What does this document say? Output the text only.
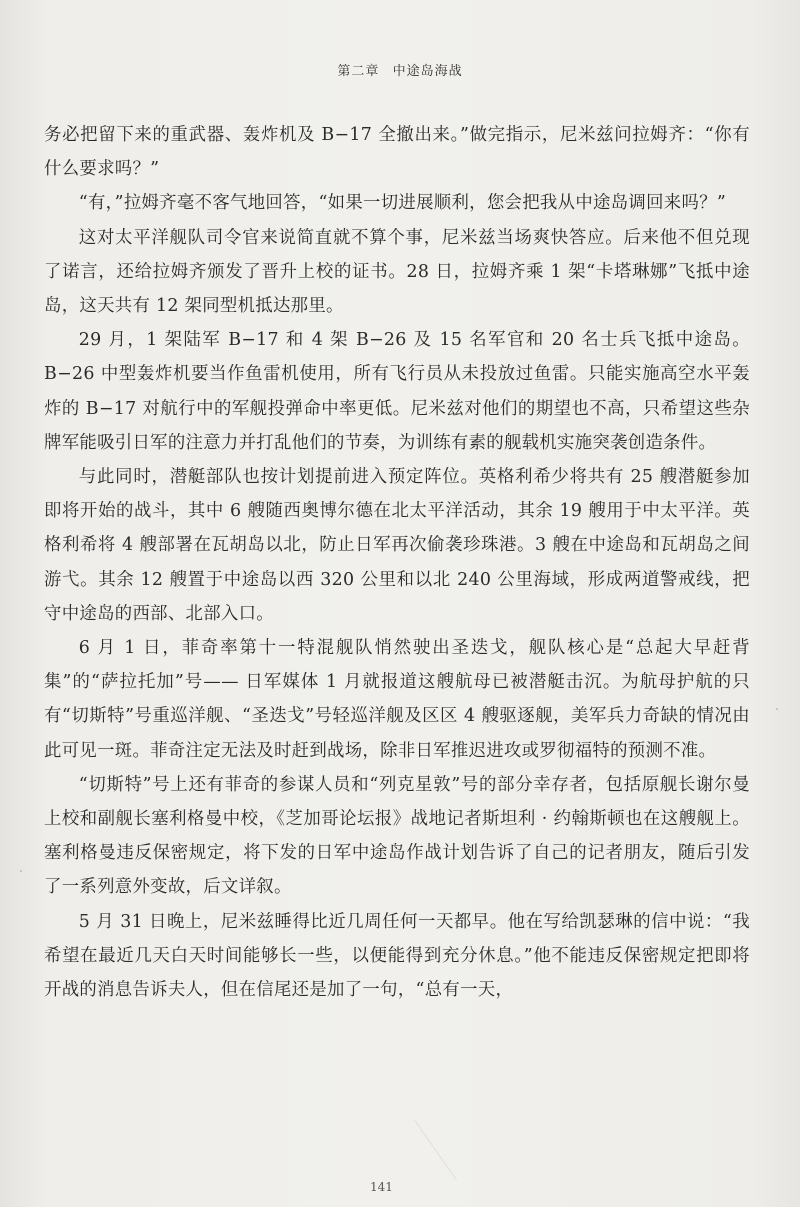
第二章 中途岛海战

务必把留下来的重武器、轰炸机及 B−17 全撤出来。”做完指示，尼米兹问拉姆齐：“你有什么要求吗？”

“有，”拉姆齐毫不客气地回答，“如果一切进展顺利，您会把我从中途岛调回来吗？”

这对太平洋舰队司令官来说简直就不算个事，尼米兹当场爽快答应。后来他不但兑现了诺言，还给拉姆齐颁发了晋升上校的证书。28 日，拉姆齐乘 1 架“卡塔琳娜”飞抵中途岛，这天共有 12 架同型机抵达那里。

29 月，1 架陆军 B−17 和 4 架 B−26 及 15 名军官和 20 名士兵飞抵中途岛。B−26 中型轰炸机要当作鱼雷机使用，所有飞行员从未投放过鱼雷。只能实施高空水平轰炸的 B−17 对航行中的军舰投弹命中率更低。尼米兹对他们的期望也不高，只希望这些杂牌军能吸引日军的注意力并打乱他们的节奏，为训练有素的舰载机实施突袭创造条件。

与此同时，潜艇部队也按计划提前进入预定阵位。英格利希少将共有 25 艘潜艇参加即将开始的战斗，其中 6 艘随西奥博尔德在北太平洋活动，其余 19 艘用于中太平洋。英格利希将 4 艘部署在瓦胡岛以北，防止日军再次偷袭珍珠港。3 艘在中途岛和瓦胡岛之间游弋。其余 12 艘置于中途岛以西 320 公里和以北 240 公里海域，形成两道警戒线，把守中途岛的西部、北部入口。

6 月 1 日，菲奇率第十一特混舰队悄然驶出圣迭戈，舰队核心是“总起大早赶背集”的“萨拉托加”号—— 日军媒体 1 月就报道这艘航母已被潜艇击沉。为航母护航的只有“切斯特”号重巡洋舰、“圣迭戈”号轻巡洋舰及区区 4 艘驱逐舰，美军兵力奇缺的情况由此可见一斑。菲奇注定无法及时赶到战场，除非日军推迟进攻或罗彻福特的预测不准。

“切斯特”号上还有菲奇的参谋人员和“列克星敦”号的部分幸存者，包括原舰长谢尔曼上校和副舰长塞利格曼中校，《芝加哥论坛报》战地记者斯坦利 · 约翰斯顿也在这艘舰上。塞利格曼违反保密规定，将下发的日军中途岛作战计划告诉了自己的记者朋友，随后引发了一系列意外变故，后文详叙。

5 月 31 日晚上，尼米兹睡得比近几周任何一天都早。他在写给凯瑟琳的信中说：“我希望在最近几天白天时间能够长一些，以便能得到充分休息。”他不能违反保密规定把即将开战的消息告诉夫人，但在信尾还是加了一句，“总有一天，

141
